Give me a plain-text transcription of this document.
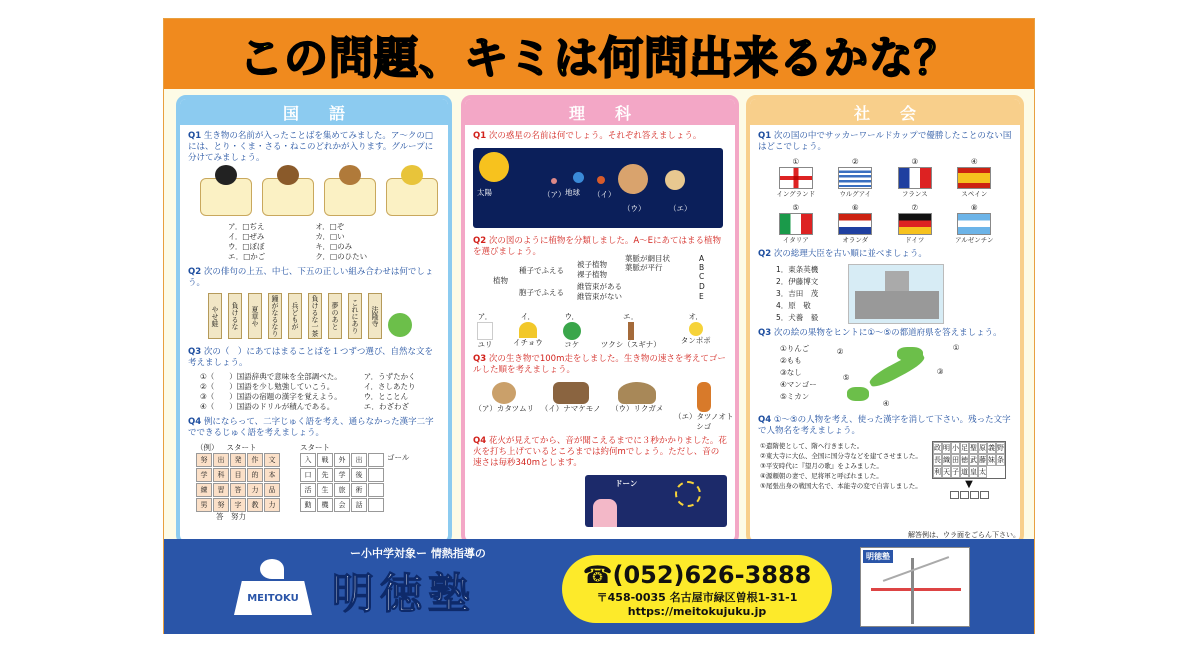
この問題、キミは何問出来るかな？
国語
Q1 生き物の名前が入ったことばを集めてみました。ア〜クの□には、とり・くま・さる・ねこのどれかが入ります。グループに分けてみましょう。
ア．□ぢえ
イ．□ぜみ
ウ．□ぼぼ
エ．□かご
オ．□ぞ
カ．□い
キ．□のみ
ク．□のひたい
Q2 次の俳句の上五、中七、下五の正しい組み合わせは何でしょう。
やせ蛙	負けるな	夏草や	鐘がなるなり	兵どもが	負けるな一茶	夢のあと	これにあり	法隆寺
Q3 次の（　）にあてはまることばを１つずつ選び、自然な文を考えましょう。
①（　　）国語辞典で意味を全部調べた。
②（　　）国語を少し勉強していこう。
③（　　）国語の宿題の漢字を覚えよう。
④（　　）国語のドリルが積んである。
ア．うずたかく
イ．さしあたり
ウ．とことん
エ．わざわざ
Q4 例にならって、二字じゅく語を考え、通らなかった漢字二字でできるじゅく語を考えましょう。
（例） スタート
努	出	発	作	文
学	科	目	的	本
練	習	答	力	品
男	努	字	教	力
答　努力
スタート
入	戦	外	出
口	先	学	後
活	生	旅	術
動	機	会	話
ゴール
理科
Q1 次の惑星の名前は何でしょう。それぞれ答えましょう。
太陽	（ア） 地球 （イ）
（ウ）	（エ）
Q2 次の図のように植物を分類しました。A〜Eにあてはまる植物を選びましょう。
植物
種子でふえる
被子植物
裸子植物
胞子でふえる
維管束がある
維管束がない
葉脈が網目状
葉脈が平行
A
B
C
D
E
ア．
ユリ
イ．
イチョウ
ウ．
コケ
エ．
ツクシ（スギナ）
オ．
タンポポ
Q3 次の生き物で100m走をしました。生き物の速さを考えてゴールした順を考えましょう。
（ア）カタツムリ （イ）ナマケモノ	（ウ）リクガメ
（エ）タツノオトシゴ
Q4 花火が見えてから、音が聞こえるまでに３秒かかりました。花火を打ち上げているところまでは約何mでしょう。ただし、音の速さは毎秒340mとします。
ドーン
社会
Q1 次の国の中でサッカーワールドカップで優勝したことのない国はどこでしょう。
①
イングランド
②
ウルグアイ
③
フランス
④
スペイン
⑤
イタリア
⑥
オランダ
⑦
ドイツ
⑧
アルゼンチン
Q2 次の総理大臣を古い順に並べましょう。
1．東条英機
2．伊藤博文
3．吉田　茂
4．原　敬
5．犬養　毅
Q3 次の絵の果物をヒントに①〜⑤の都道府県を答えましょう。
①りんご
②もも
③なし
④マンゴー
⑤ミカン
①
②
③
④
⑤
Q4 ①〜⑤の人物を考え、使った漢字を消して下さい。残った文字で人物名を考えましょう。
①遣隋使として、隋へ行きました。
②東大寺に大仏、全国に国分寺などを建てさせました。
③平安時代に『望月の歌』をよみました。
④源頼朝の妻で、尼将軍と呼ばれました。
⑤尾張出身の戦国大名で、本能寺の変で自害しました。
政 明 小 足 聖 原 義 野
長 織 田 徳 武 藤 妹 条
利 天 子 道 皇 太
▼
解答例は、ウラ面をごらん下さい。
MEITOKU
ー小中学対象ー 情熱指導の
明徳塾	☎(052)626-3888
〒458-0035 名古屋市緑区曽根1-31-1
https://meitokujuku.jp
明徳塾
